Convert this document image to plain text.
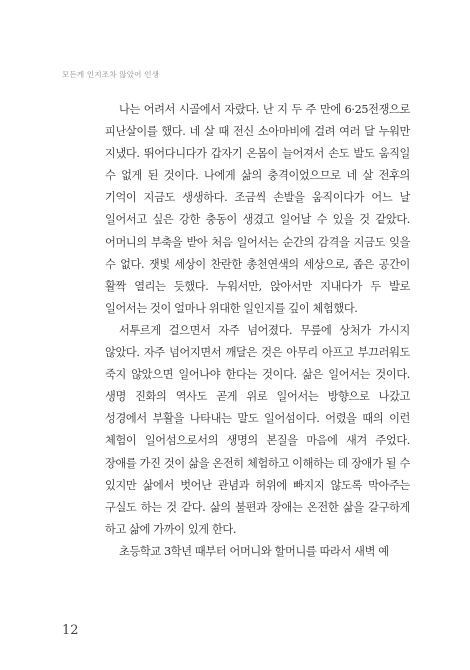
모든게 인지조차 않았어 인생

나는 어려서 시골에서 자랐다. 난 지 두 주 만에 6·25전쟁으로 피난살이를 했다. 네 살 때 전신 소아마비에 걸려 여러 달 누워만 지냈다. 뛰어다니다가 갑자기 온몸이 늘어져서 손도 발도 움직일 수 없게 된 것이다. 나에게 삶의 충격이었으므로 네 살 전후의 기억이 지금도 생생하다. 조금씩 손발을 움직이다가 어느 날 일어서고 싶은 강한 충동이 생겼고 일어날 수 있을 것 같았다. 어머니의 부축을 받아 처음 일어서는 순간의 감격을 지금도 잊을 수 없다. 잿빛 세상이 찬란한 총천연색의 세상으로, 좁은 공간이 활짝 열리는 듯했다. 누워서만, 앉아서만 지내다가 두 발로 일어서는 것이 얼마나 위대한 일인지를 깊이 체험했다.

서투르게 걸으면서 자주 넘어졌다. 무릎에 상처가 가시지 않았다. 자주 넘어지면서 깨달은 것은 아무리 아프고 부끄러워도 죽지 않았으면 일어나야 한다는 것이다. 삶은 일어서는 것이다. 생명 진화의 역사도 곧게 위로 일어서는 방향으로 나갔고 성경에서 부활을 나타내는 말도 일어섬이다. 어렸을 때의 이런 체험이 일어섬으로서의 생명의 본질을 마음에 새겨 주었다. 장애를 가진 것이 삶을 온전히 체험하고 이해하는 데 장애가 될 수 있지만 삶에서 벗어난 관념과 허위에 빠지지 않도록 막아주는 구실도 하는 것 같다. 삶의 불편과 장애는 온전한 삶을 갈구하게 하고 삶에 가까이 있게 한다.

초등학교 3학년 때부터 어머니와 할머니를 따라서 새벽 예

12
